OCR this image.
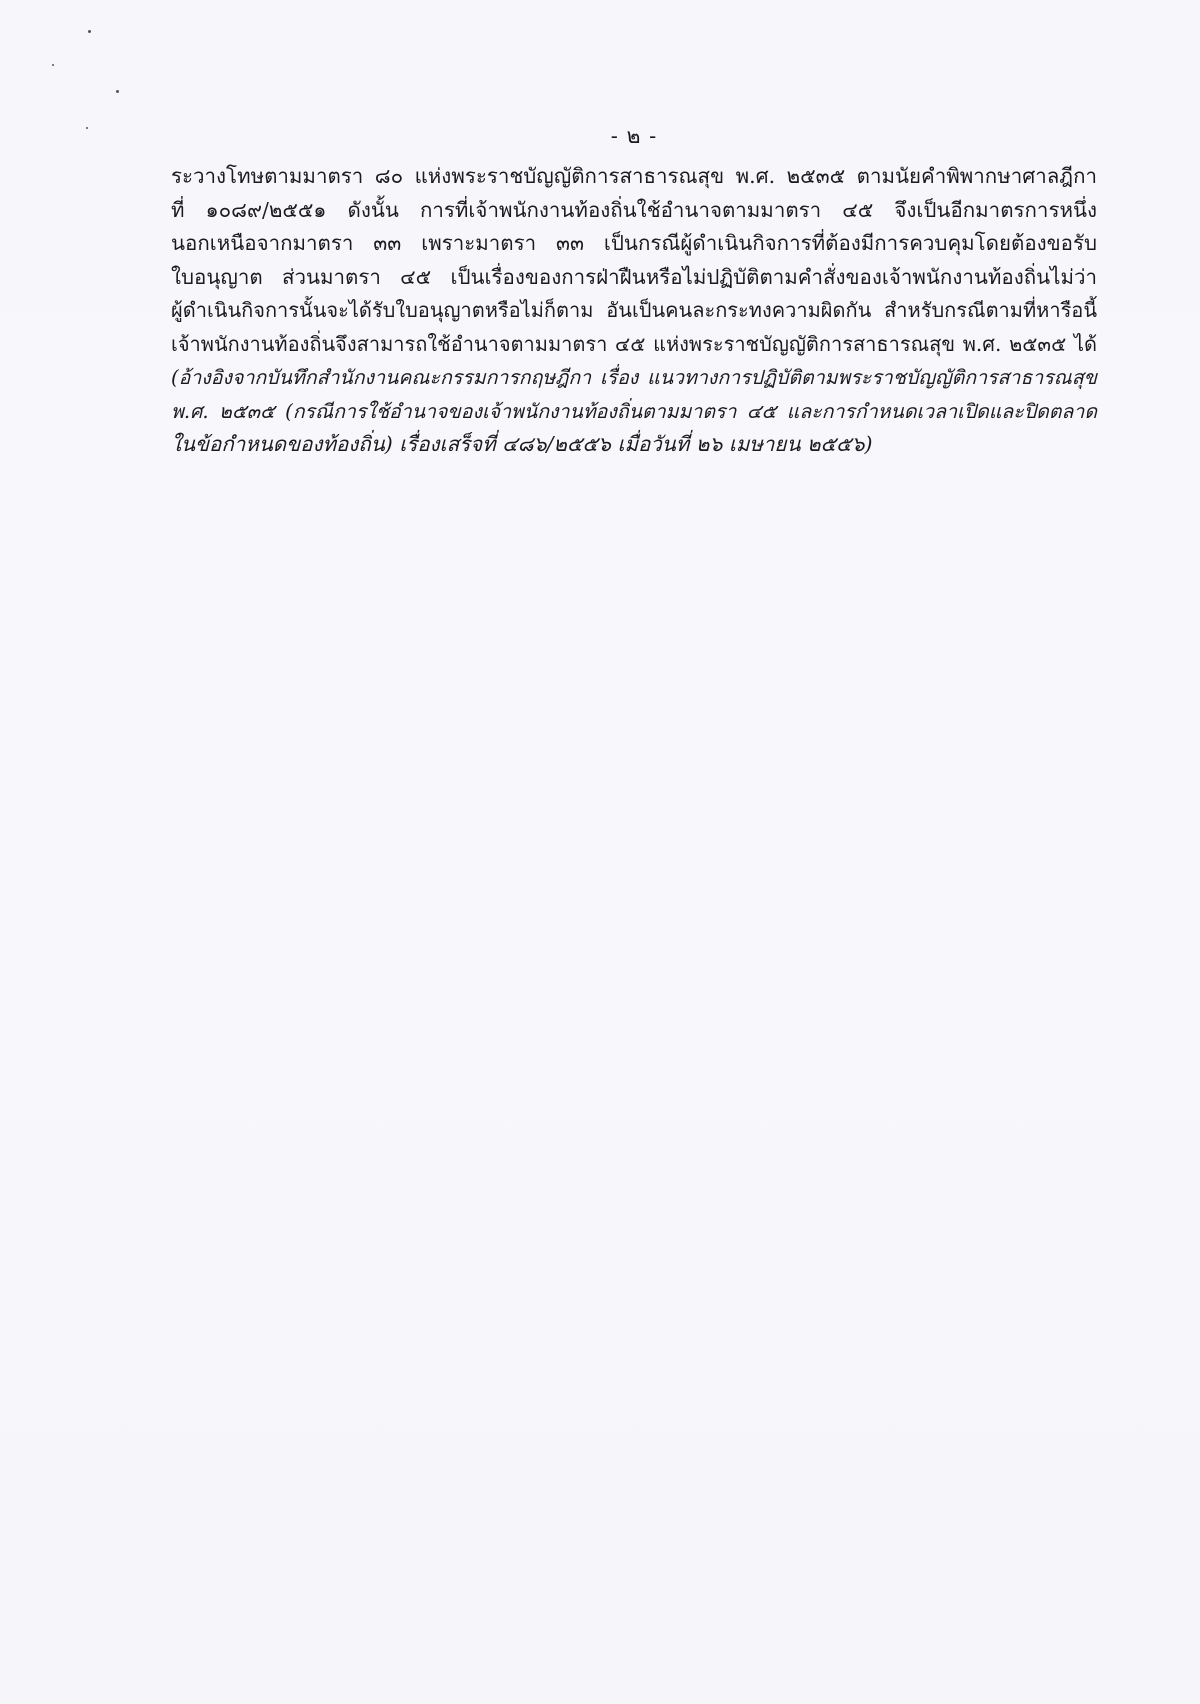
- ๒ -
ระวางโทษตามมาตรา ๘๐ แห่งพระราชบัญญัติการสาธารณสุข พ.ศ. ๒๕๓๕ ตามนัยคำพิพากษาศาลฎีกา
ที่ ๑๐๘๙/๒๕๕๑ ดังนั้น การที่เจ้าพนักงานท้องถิ่นใช้อำนาจตามมาตรา ๔๕ จึงเป็นอีกมาตรการหนึ่ง
นอกเหนือจากมาตรา ๓๓ เพราะมาตรา ๓๓ เป็นกรณีผู้ดำเนินกิจการที่ต้องมีการควบคุมโดยต้องขอรับ
ใบอนุญาต ส่วนมาตรา ๔๕ เป็นเรื่องของการฝ่าฝืนหรือไม่ปฏิบัติตามคำสั่งของเจ้าพนักงานท้องถิ่นไม่ว่า
ผู้ดำเนินกิจการนั้นจะได้รับใบอนุญาตหรือไม่ก็ตาม อันเป็นคนละกระทงความผิดกัน สำหรับกรณีตามที่หารือนี้
เจ้าพนักงานท้องถิ่นจึงสามารถใช้อำนาจตามมาตรา ๔๕ แห่งพระราชบัญญัติการสาธารณสุข พ.ศ. ๒๕๓๕ ได้
(อ้างอิงจากบันทึกสำนักงานคณะกรรมการกฤษฎีกา เรื่อง แนวทางการปฏิบัติตามพระราชบัญญัติการสาธารณสุข
พ.ศ. ๒๕๓๕ (กรณีการใช้อำนาจของเจ้าพนักงานท้องถิ่นตามมาตรา ๔๕ และการกำหนดเวลาเปิดและปิดตลาด
ในข้อกำหนดของท้องถิ่น) เรื่องเสร็จที่ ๔๘๖/๒๕๕๖ เมื่อวันที่ ๒๖ เมษายน ๒๕๕๖)
